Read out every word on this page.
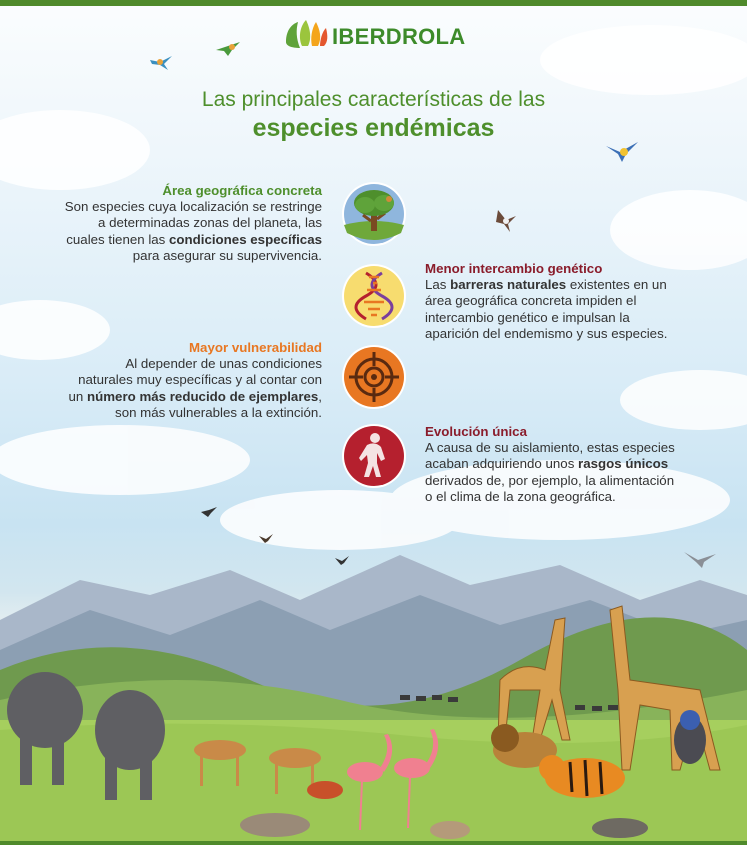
IBERDROLA
Las principales características de las
especies endémicas
Área geográfica concreta
Son especies cuya localización se restringe
a determinadas zonas del planeta, las
cuales tienen las condiciones específicas
para asegurar su supervivencia.
Menor intercambio genético
Las barreras naturales existentes en un
área geográfica concreta impiden el
intercambio genético e impulsan la
aparición del endemismo y sus especies.
Mayor vulnerabilidad
Al depender de unas condiciones
naturales muy específicas y al contar con
un número más reducido de ejemplares,
son más vulnerables a la extinción.
Evolución única
A causa de su aislamiento, estas especies
acaban adquiriendo unos rasgos únicos
derivados de, por ejemplo, la alimentación
o el clima de la zona geográfica.
